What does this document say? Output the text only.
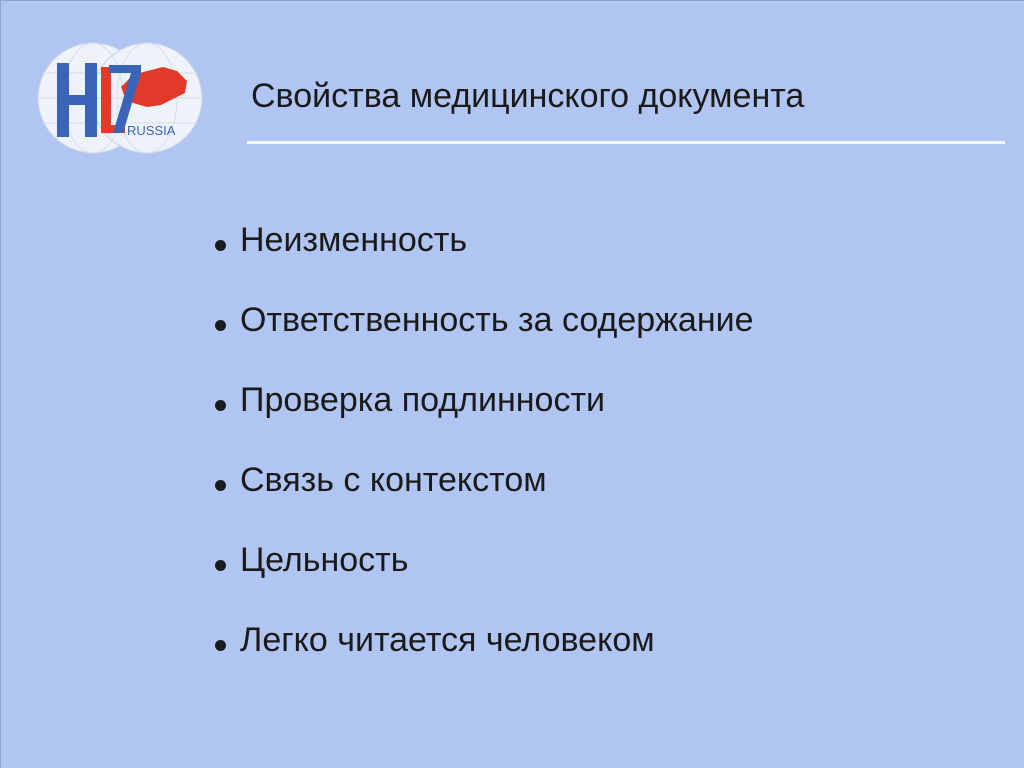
RUSSIA
Свойства медицинского документа
Неизменность
Ответственность за содержание
Проверка подлинности
Связь с контекстом
Цельность
Легко читается человеком
